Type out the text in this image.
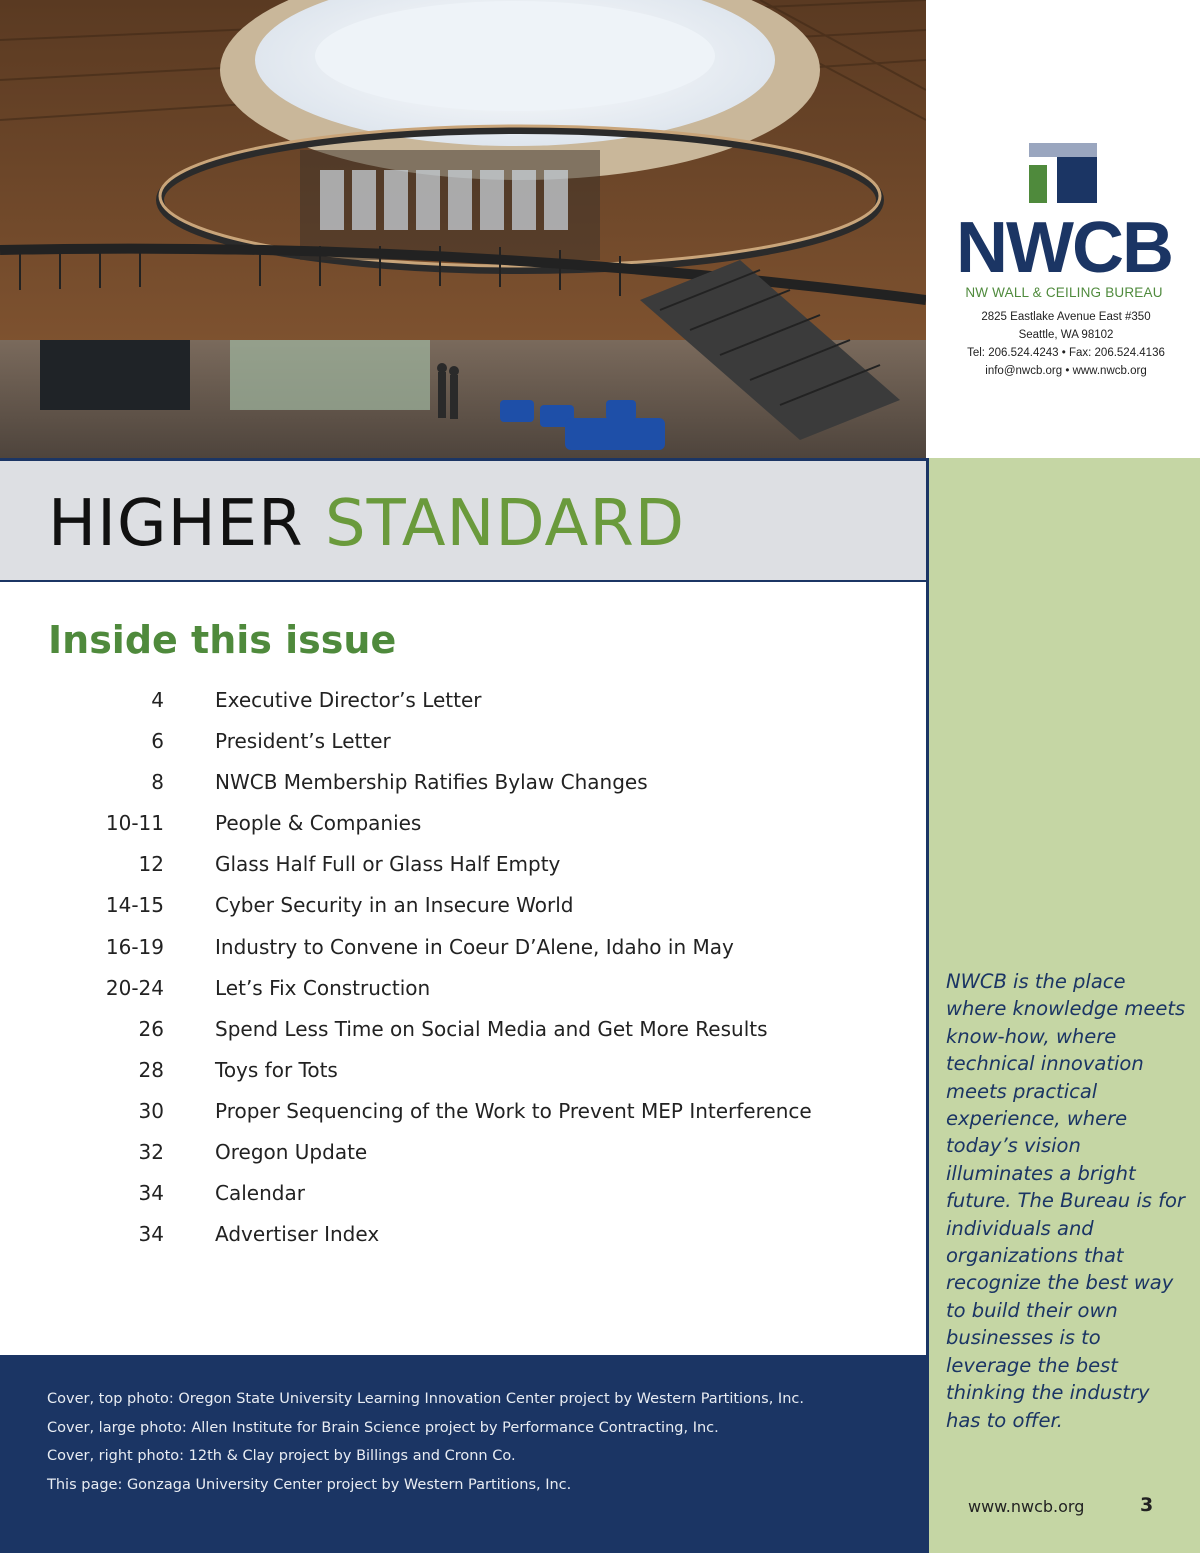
NWCB
NW WALL & CEILING BUREAU
2825 Eastlake Avenue East #350
Seattle, WA 98102
Tel: 206.524.4243 • Fax: 206.524.4136
info@nwcb.org • www.nwcb.org
HIGHER STANDARD
NWCB is the place where knowledge meets know-how, where technical innovation meets practical experience, where today’s vision illuminates a bright future. The Bureau is for individuals and organizations that recognize the best way to build their own businesses is to leverage the best thinking the industry has to offer.
www.nwcb.org	3
Inside this issue
4	Executive Director’s Letter
6	President’s Letter
8	NWCB Membership Ratifies Bylaw Changes
10-11	People & Companies
12	Glass Half Full or Glass Half Empty
14-15	Cyber Security in an Insecure World
16-19	Industry to Convene in Coeur D’Alene, Idaho in May
20-24	Let’s Fix Construction
26	Spend Less Time on Social Media and Get More Results
28	Toys for Tots
30	Proper Sequencing of the Work to Prevent MEP Interference
32	Oregon Update
34	Calendar
34	Advertiser Index
Cover, top photo: Oregon State University Learning Innovation Center project by Western Partitions, Inc.
Cover, large photo: Allen Institute for Brain Science project by Performance Contracting, Inc.
Cover, right photo: 12th & Clay project by Billings and Cronn Co.
This page: Gonzaga University Center project by Western Partitions, Inc.
